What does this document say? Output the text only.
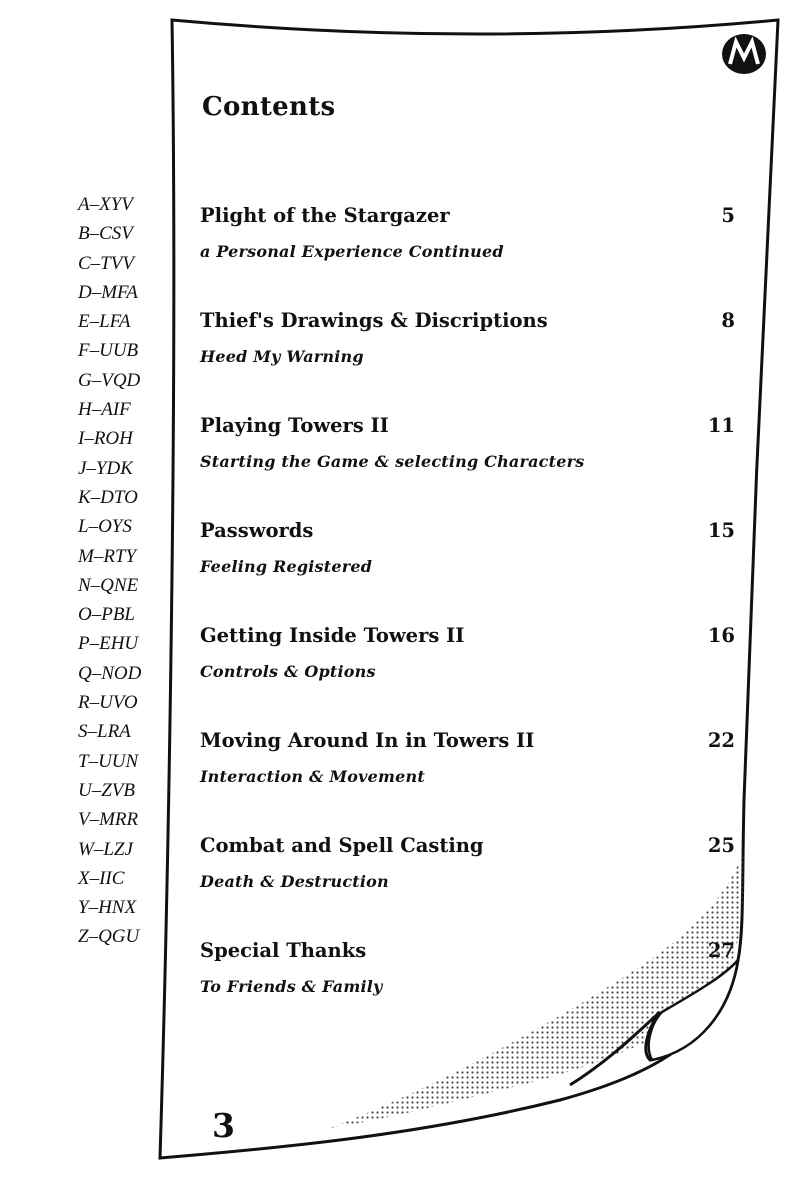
Contents
A–XYV
B–CSV
C–TVV
D–MFA
E–LFA
F–UUB
G–VQD
H–AIF
I–ROH
J–YDK
K–DTO
L–OYS
M–RTY
N–QNE
O–PBL
P–EHU
Q–NOD
R–UVO
S–LRA
T–UUN
U–ZVB
V–MRR
W–LZJ
X–IIC
Y–HNX
Z–QGU
Plight of the Stargazer	5
a Personal Experience Continued
Thief's Drawings & Discriptions	8
Heed My Warning
Playing Towers II	11
Starting the Game & selecting Characters
Passwords	15
Feeling Registered
Getting Inside Towers II	16
Controls & Options
Moving Around In in Towers II	22
Interaction & Movement
Combat and Spell Casting	25
Death & Destruction
Special Thanks	27
To Friends & Family
3
